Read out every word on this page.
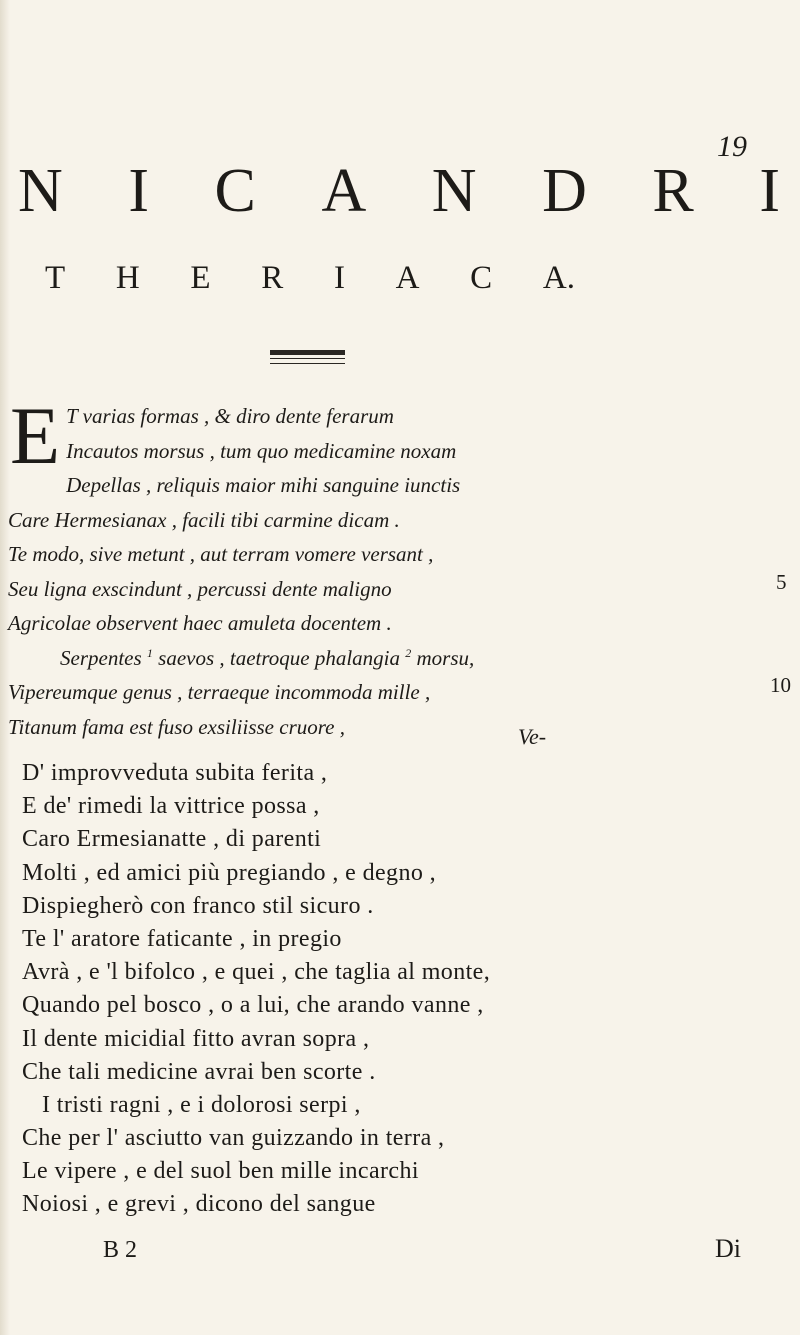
19
N I C A N D R I
T H E R I A C A.
E T varias formas , & diro dente ferarum
Incautos morsus , tum quo medicamine noxam
Depellas , reliquis maior mihi sanguine iunctis
Care Hermesianax , facili tibi carmine dicam .
Te modo, sive metunt , aut terram vomere versant ,
Seu ligna exscindunt , percussi dente maligno
Agricolae observent haec amuleta docentem .
Serpentes $^1$ saevos , taetroque phalangia $^2$ morsu,
Vipereumque genus , terraeque incommoda mille ,
Titanum fama est fuso exsiliisse cruore ,
5
10
Ve-
D' improvveduta subita ferita ,
E de' rimedi la vittrice possa ,
Caro Ermesianatte , di parenti
Molti , ed amici più pregiando , e degno ,
Dispiegherò con franco stil sicuro .
Te l' aratore faticante , in pregio
Avrà , e 'l bifolco , e quei , che taglia al monte,
Quando pel bosco , o a lui, che arando vanne ,
Il dente micidial fitto avran sopra ,
Che tali medicine avrai ben scorte .
I tristi ragni , e i dolorosi serpi ,
Che per l' asciutto van guizzando in terra ,
Le vipere , e del suol ben mille incarchi
Noiosi , e grevi , dicono del sangue
B 2	Di
